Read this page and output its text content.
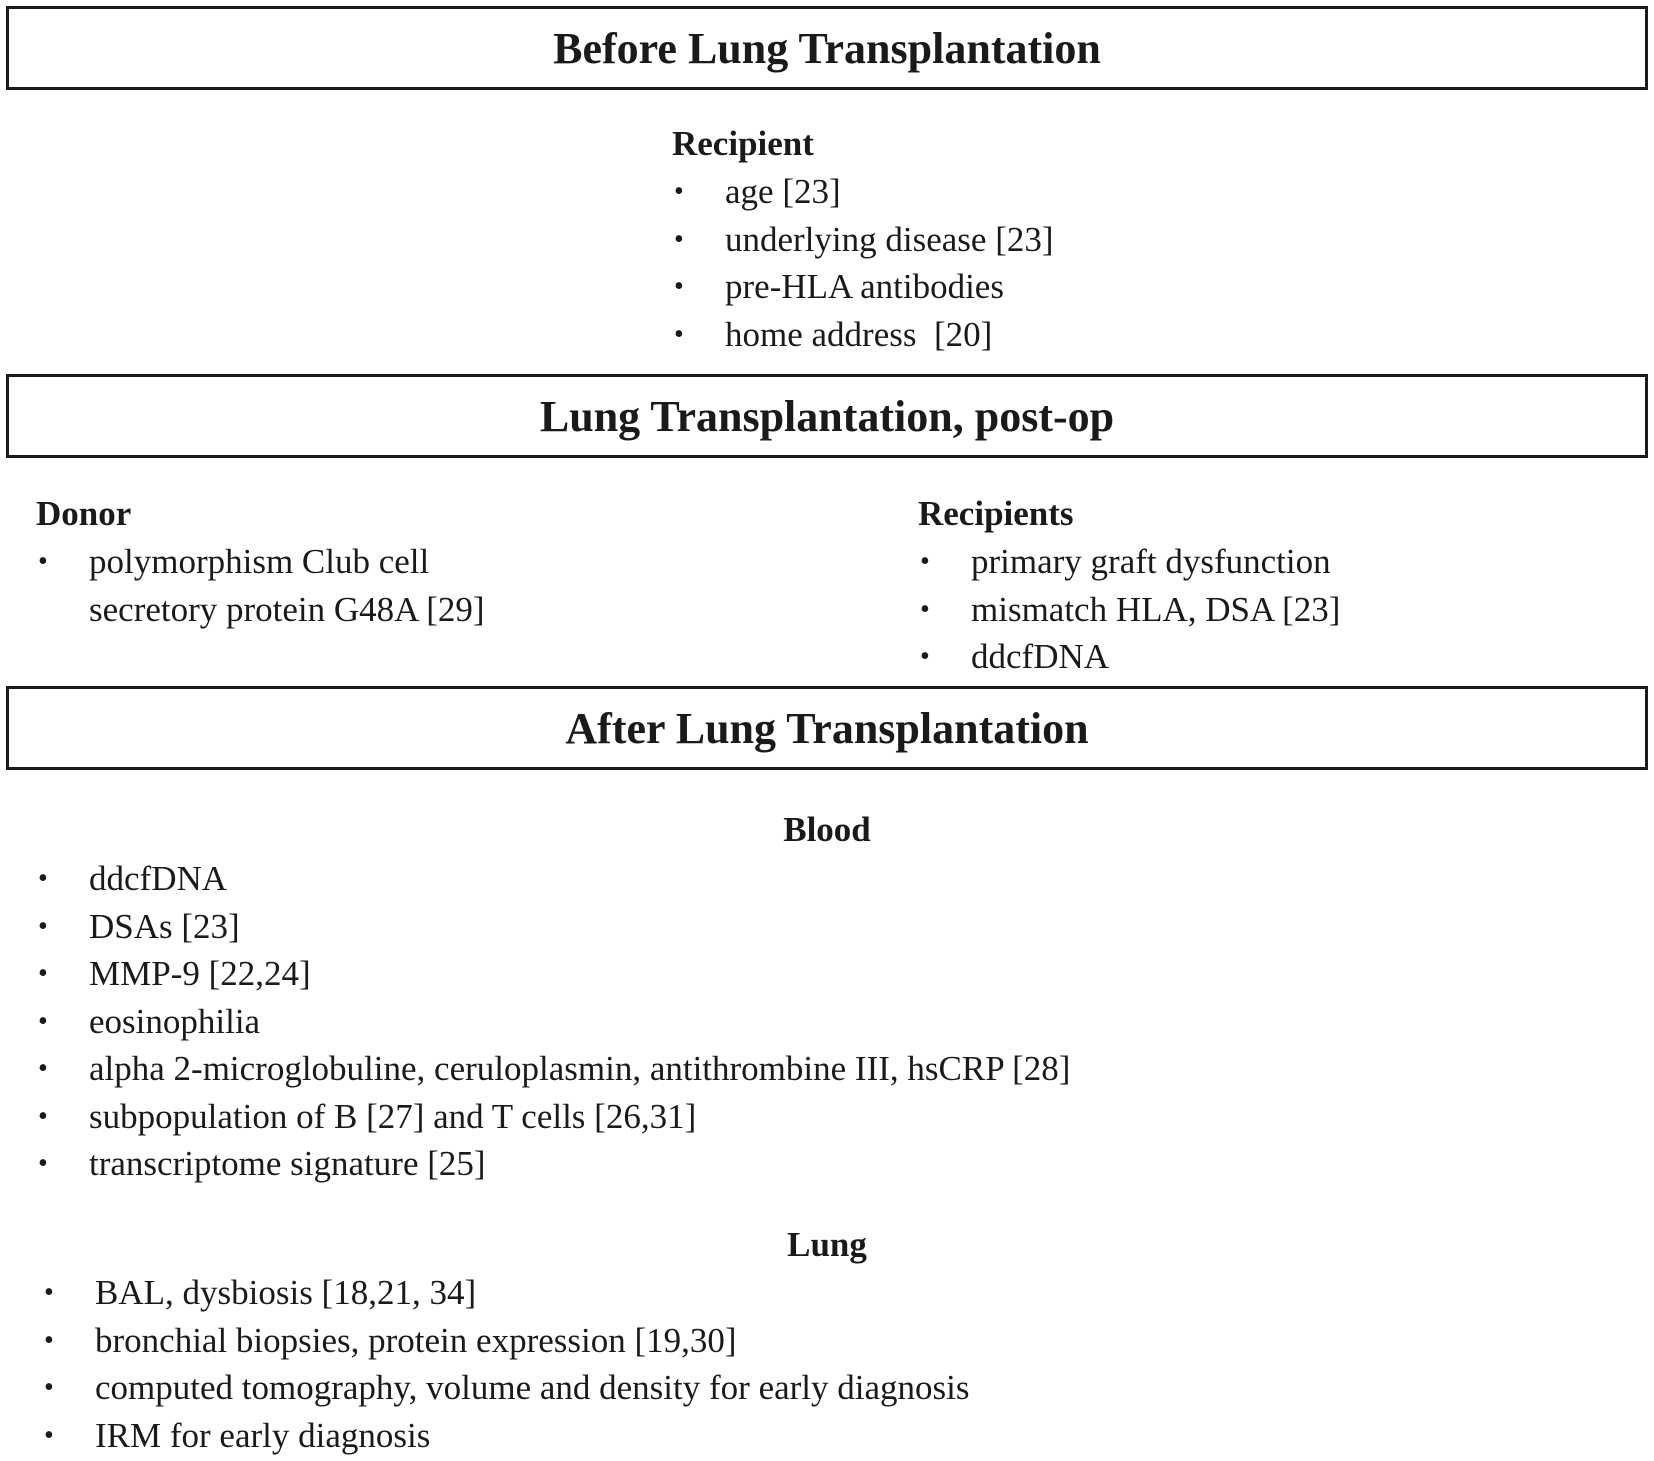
Before Lung Transplantation
Recipient
• age [23]
• underlying disease [23]
• pre-HLA antibodies
• home address  [20]
Lung Transplantation, post-op
Donor
• polymorphism Club cell
secretory protein G48A [29]
Recipients
• primary graft dysfunction
• mismatch HLA, DSA [23]
• ddcfDNA
After Lung Transplantation
Blood
• ddcfDNA
• DSAs [23]
• MMP-9 [22,24]
• eosinophilia
• alpha 2-microglobuline, ceruloplasmin, antithrombine III, hsCRP [28]
• subpopulation of B [27] and T cells [26,31]
• transcriptome signature [25]
Lung
• BAL, dysbiosis [18,21, 34]
• bronchial biopsies, protein expression [19,30]
• computed tomography, volume and density for early diagnosis
• IRM for early diagnosis
